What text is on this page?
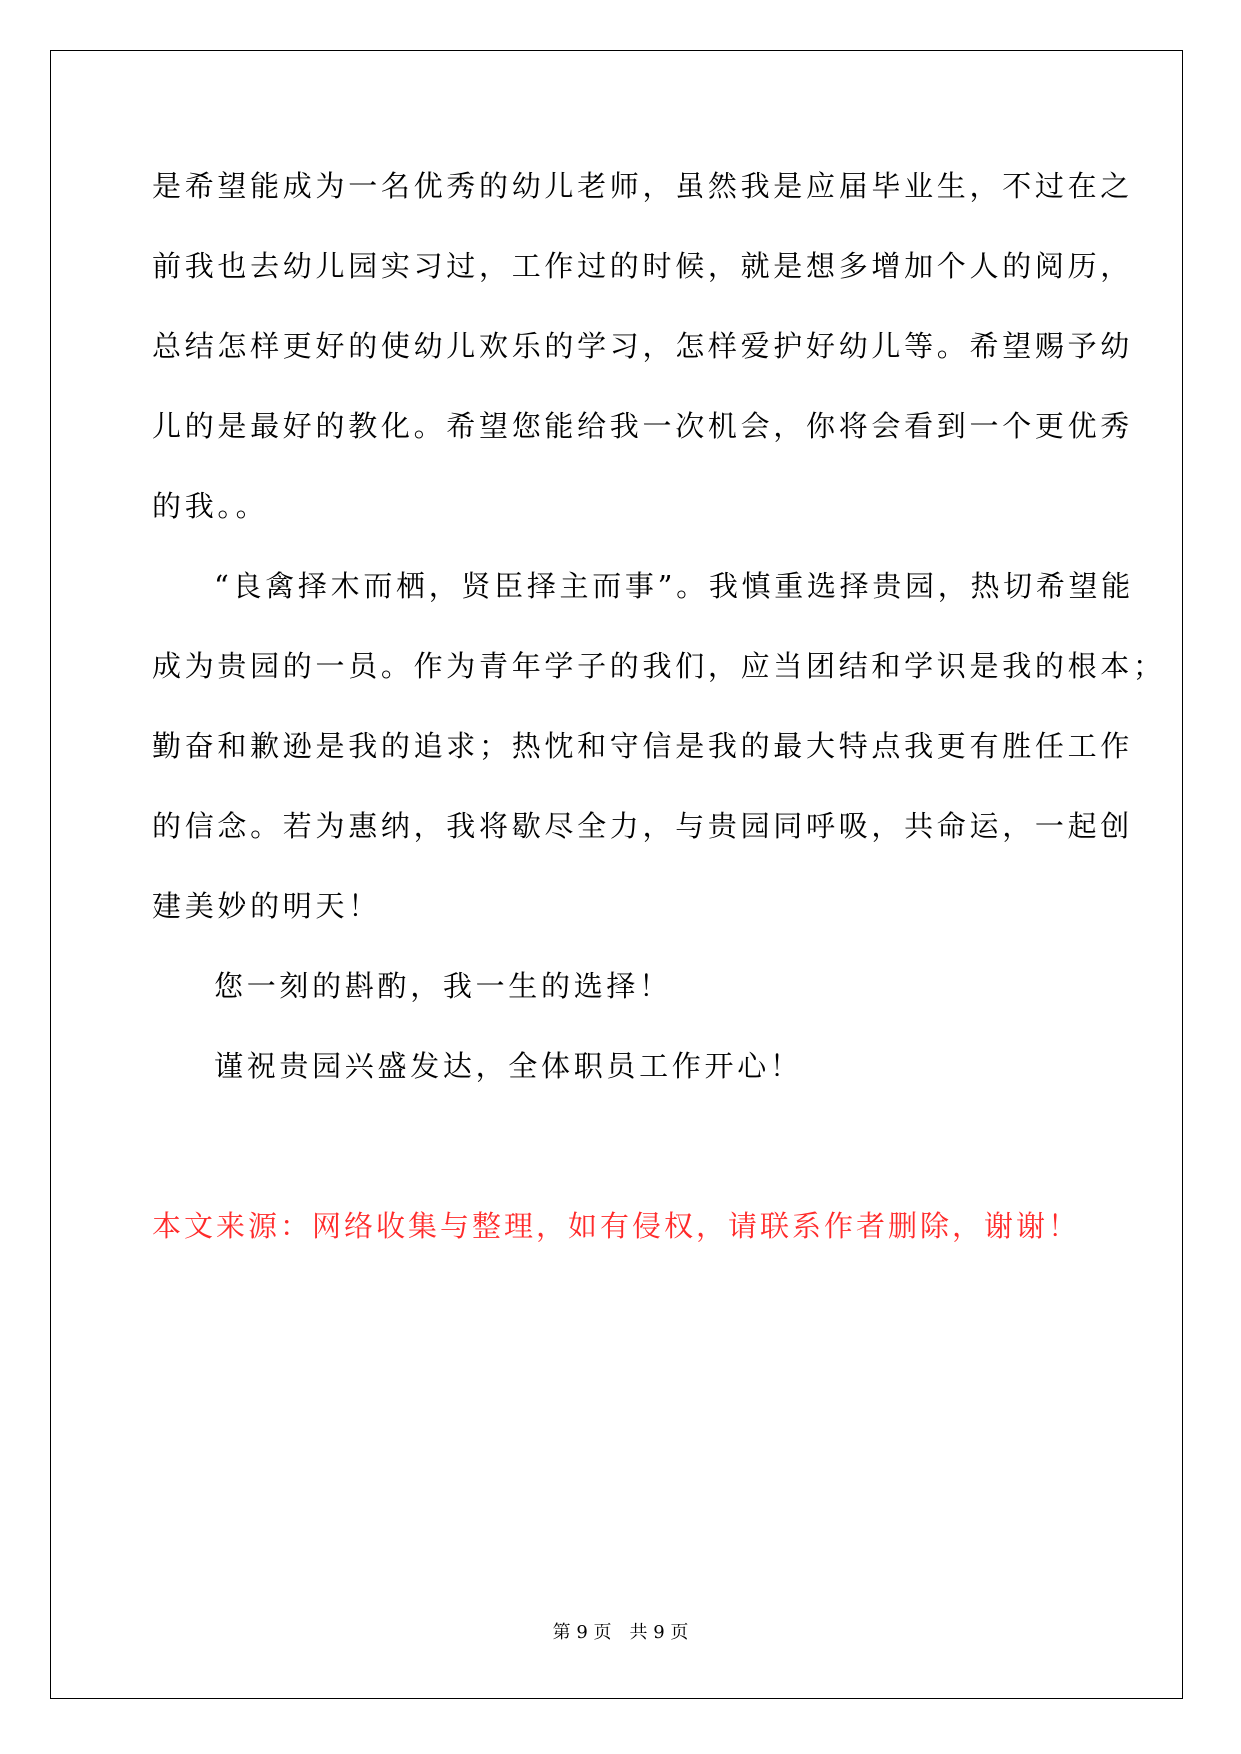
是希望能成为一名优秀的幼儿老师，虽然我是应届毕业生，不过在之
前我也去幼儿园实习过，工作过的时候，就是想多增加个人的阅历，
总结怎样更好的使幼儿欢乐的学习，怎样爱护好幼儿等。希望赐予幼
儿的是最好的教化。希望您能给我一次机会，你将会看到一个更优秀
的我。。
“良禽择木而栖，贤臣择主而事”。我慎重选择贵园，热切希望能
成为贵园的一员。作为青年学子的我们，应当团结和学识是我的根本；
勤奋和歉逊是我的追求；热忱和守信是我的最大特点我更有胜任工作
的信念。若为惠纳，我将歇尽全力，与贵园同呼吸，共命运，一起创
建美妙的明天！
您一刻的斟酌，我一生的选择！
谨祝贵园兴盛发达，全体职员工作开心！
本文来源：网络收集与整理，如有侵权，请联系作者删除，谢谢！
第 9 页　共 9 页
